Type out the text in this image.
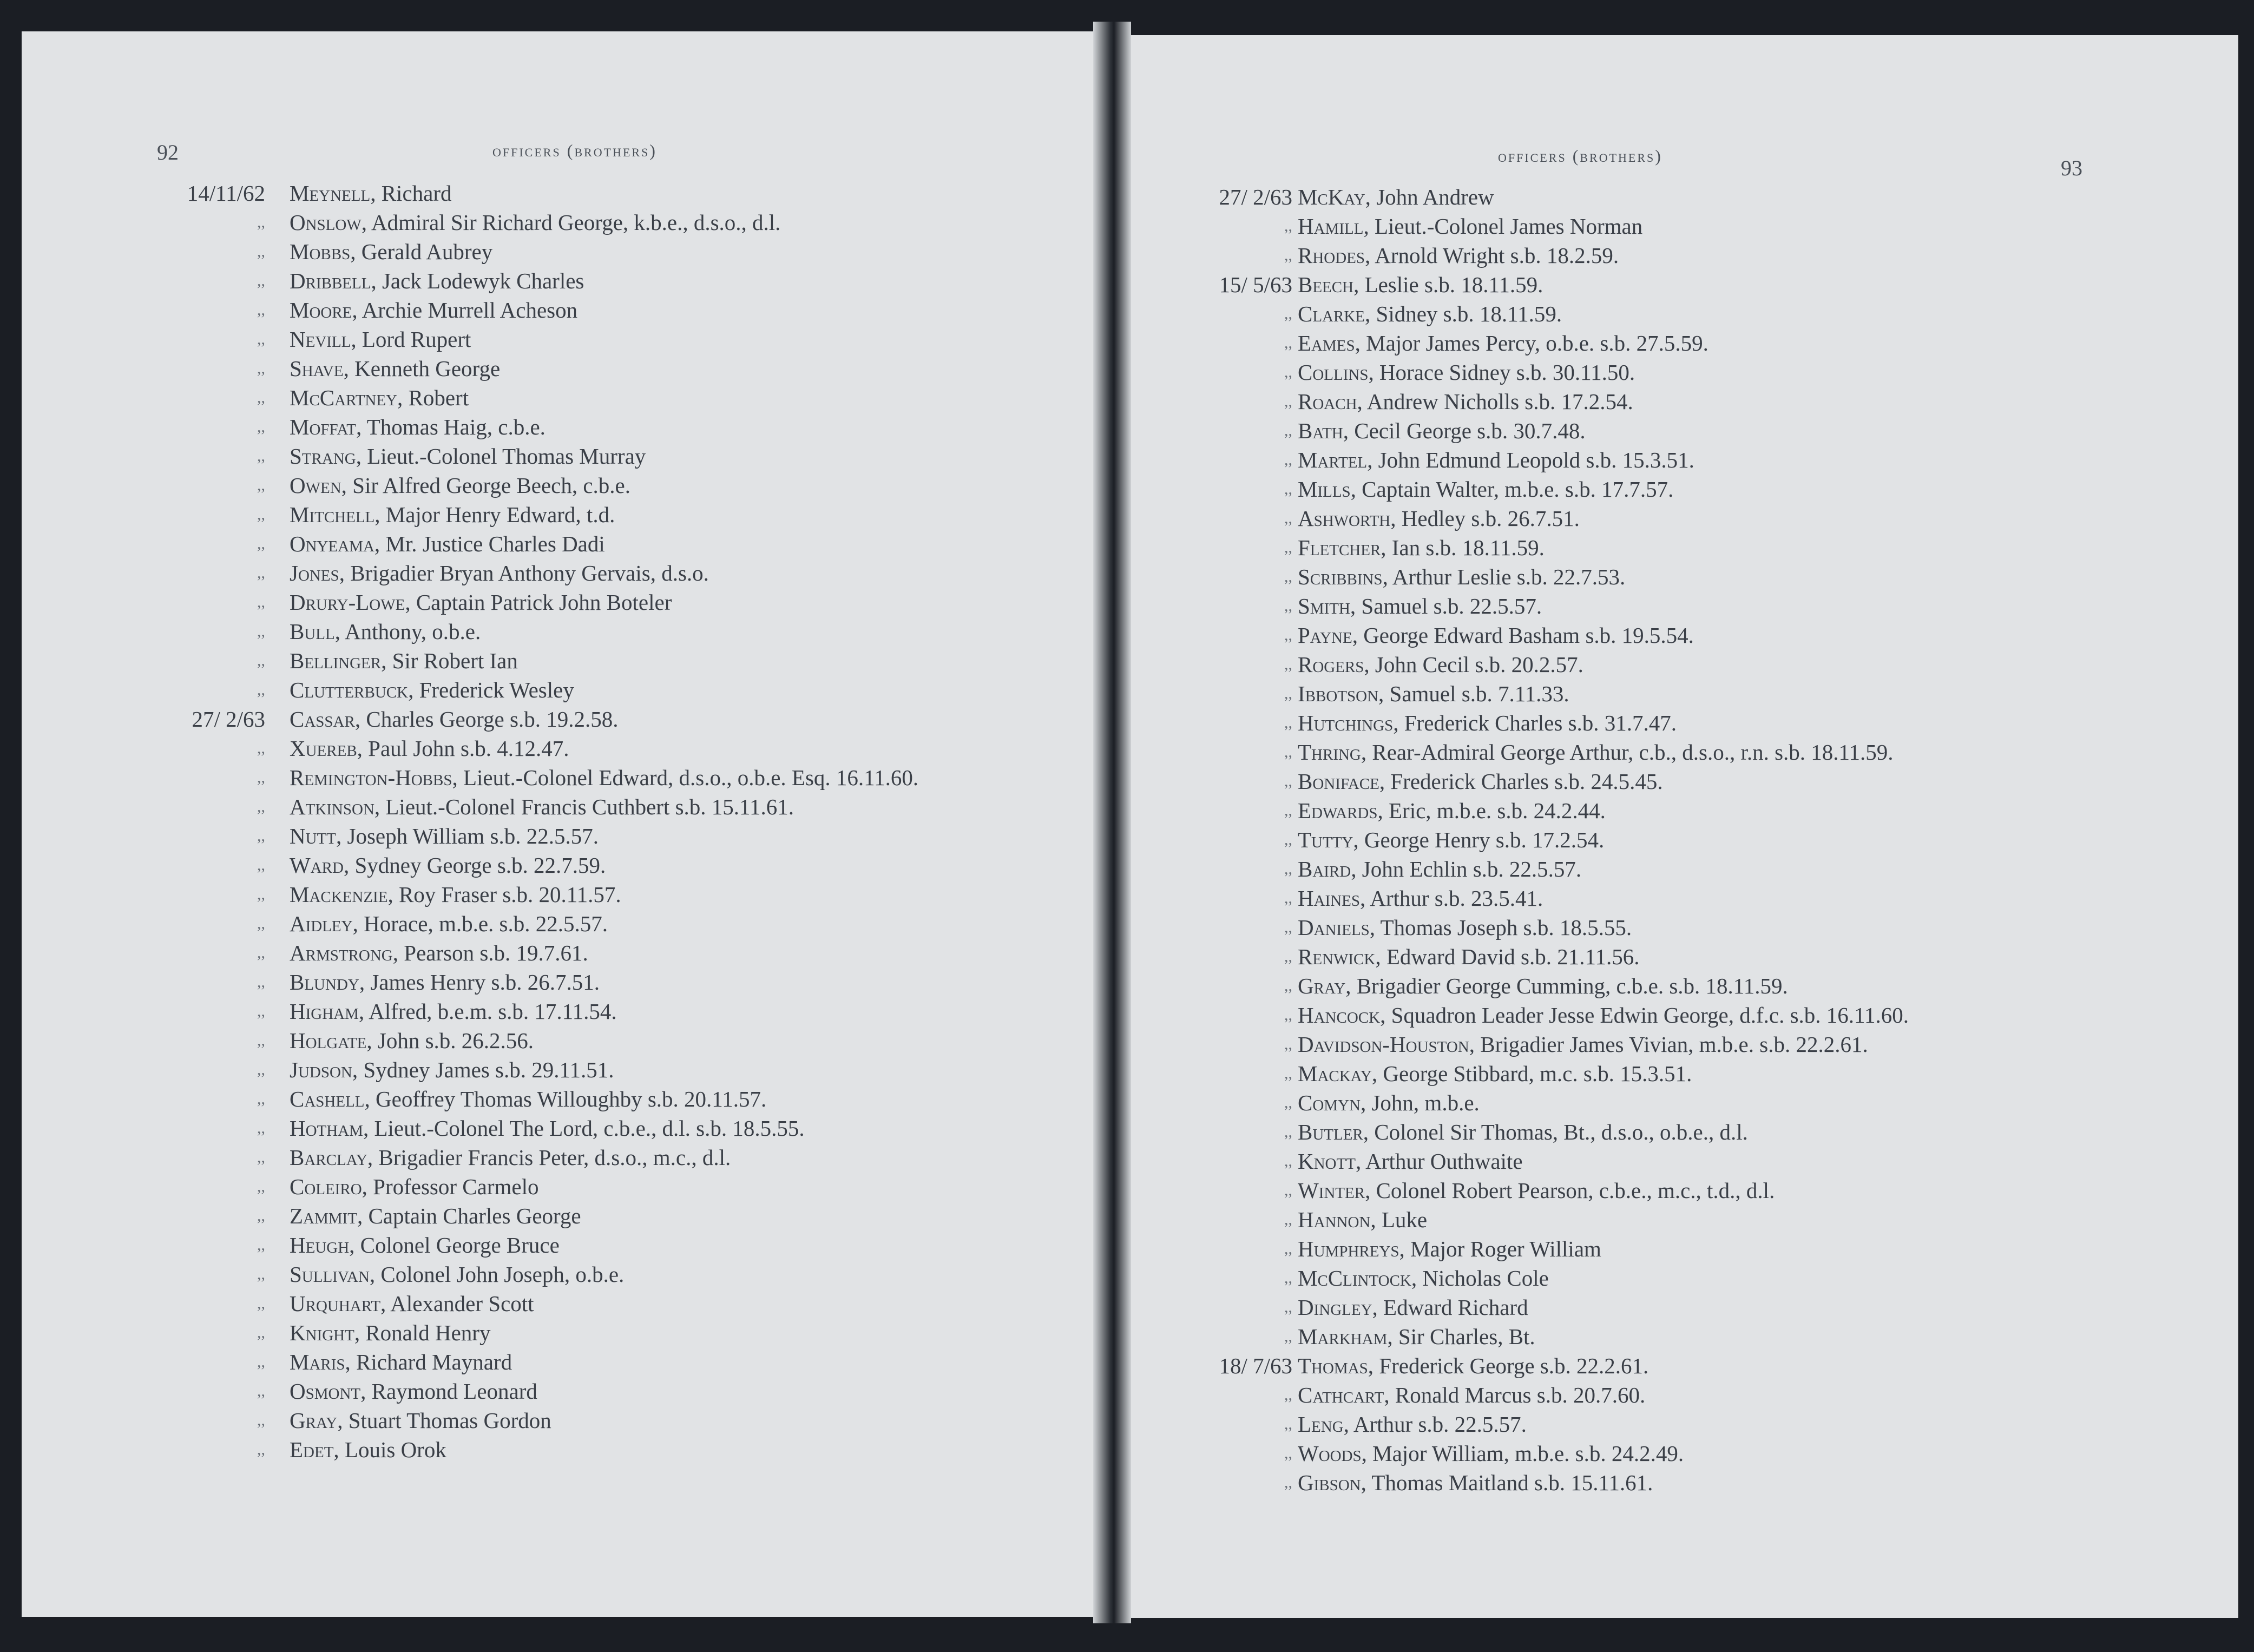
92	officers (brothers)
14/11/62 Meynell, Richard
,, Onslow, Admiral Sir Richard George, k.b.e., d.s.o., d.l.
,, Mobbs, Gerald Aubrey
,, Dribbell, Jack Lodewyk Charles
,, Moore, Archie Murrell Acheson
,, Nevill, Lord Rupert
,, Shave, Kenneth George
,, McCartney, Robert
,, Moffat, Thomas Haig, c.b.e.
,, Strang, Lieut.-Colonel Thomas Murray
,, Owen, Sir Alfred George Beech, c.b.e.
,, Mitchell, Major Henry Edward, t.d.
,, Onyeama, Mr. Justice Charles Dadi
,, Jones, Brigadier Bryan Anthony Gervais, d.s.o.
,, Drury-Lowe, Captain Patrick John Boteler
,, Bull, Anthony, o.b.e.
,, Bellinger, Sir Robert Ian
,, Clutterbuck, Frederick Wesley
27/ 2/63 Cassar, Charles George s.b. 19.2.58.
,, Xuereb, Paul John s.b. 4.12.47.
,, Remington-Hobbs, Lieut.-Colonel Edward, d.s.o., o.b.e. Esq. 16.11.60.
,, Atkinson, Lieut.-Colonel Francis Cuthbert s.b. 15.11.61.
,, Nutt, Joseph William s.b. 22.5.57.
,, Ward, Sydney George s.b. 22.7.59.
,, Mackenzie, Roy Fraser s.b. 20.11.57.
,, Aidley, Horace, m.b.e. s.b. 22.5.57.
,, Armstrong, Pearson s.b. 19.7.61.
,, Blundy, James Henry s.b. 26.7.51.
,, Higham, Alfred, b.e.m. s.b. 17.11.54.
,, Holgate, John s.b. 26.2.56.
,, Judson, Sydney James s.b. 29.11.51.
,, Cashell, Geoffrey Thomas Willoughby s.b. 20.11.57.
,, Hotham, Lieut.-Colonel The Lord, c.b.e., d.l. s.b. 18.5.55.
,, Barclay, Brigadier Francis Peter, d.s.o., m.c., d.l.
,, Coleiro, Professor Carmelo
,, Zammit, Captain Charles George
,, Heugh, Colonel George Bruce
,, Sullivan, Colonel John Joseph, o.b.e.
,, Urquhart, Alexander Scott
,, Knight, Ronald Henry
,, Maris, Richard Maynard
,, Osmont, Raymond Leonard
,, Gray, Stuart Thomas Gordon
,, Edet, Louis Orok
officers (brothers)	93
27/ 2/63 McKay, John Andrew
,, Hamill, Lieut.-Colonel James Norman
,, Rhodes, Arnold Wright s.b. 18.2.59.
15/ 5/63 Beech, Leslie s.b. 18.11.59.
,, Clarke, Sidney s.b. 18.11.59.
,, Eames, Major James Percy, o.b.e. s.b. 27.5.59.
,, Collins, Horace Sidney s.b. 30.11.50.
,, Roach, Andrew Nicholls s.b. 17.2.54.
,, Bath, Cecil George s.b. 30.7.48.
,, Martel, John Edmund Leopold s.b. 15.3.51.
,, Mills, Captain Walter, m.b.e. s.b. 17.7.57.
,, Ashworth, Hedley s.b. 26.7.51.
,, Fletcher, Ian s.b. 18.11.59.
,, Scribbins, Arthur Leslie s.b. 22.7.53.
,, Smith, Samuel s.b. 22.5.57.
,, Payne, George Edward Basham s.b. 19.5.54.
,, Rogers, John Cecil s.b. 20.2.57.
,, Ibbotson, Samuel s.b. 7.11.33.
,, Hutchings, Frederick Charles s.b. 31.7.47.
,, Thring, Rear-Admiral George Arthur, c.b., d.s.o., r.n. s.b. 18.11.59.
,, Boniface, Frederick Charles s.b. 24.5.45.
,, Edwards, Eric, m.b.e. s.b. 24.2.44.
,, Tutty, George Henry s.b. 17.2.54.
,, Baird, John Echlin s.b. 22.5.57.
,, Haines, Arthur s.b. 23.5.41.
,, Daniels, Thomas Joseph s.b. 18.5.55.
,, Renwick, Edward David s.b. 21.11.56.
,, Gray, Brigadier George Cumming, c.b.e. s.b. 18.11.59.
,, Hancock, Squadron Leader Jesse Edwin George, d.f.c. s.b. 16.11.60.
,, Davidson-Houston, Brigadier James Vivian, m.b.e. s.b. 22.2.61.
,, Mackay, George Stibbard, m.c. s.b. 15.3.51.
,, Comyn, John, m.b.e.
,, Butler, Colonel Sir Thomas, Bt., d.s.o., o.b.e., d.l.
,, Knott, Arthur Outhwaite
,, Winter, Colonel Robert Pearson, c.b.e., m.c., t.d., d.l.
,, Hannon, Luke
,, Humphreys, Major Roger William
,, McClintock, Nicholas Cole
,, Dingley, Edward Richard
,, Markham, Sir Charles, Bt.
18/ 7/63 Thomas, Frederick George s.b. 22.2.61.
,, Cathcart, Ronald Marcus s.b. 20.7.60.
,, Leng, Arthur s.b. 22.5.57.
,, Woods, Major William, m.b.e. s.b. 24.2.49.
,, Gibson, Thomas Maitland s.b. 15.11.61.
